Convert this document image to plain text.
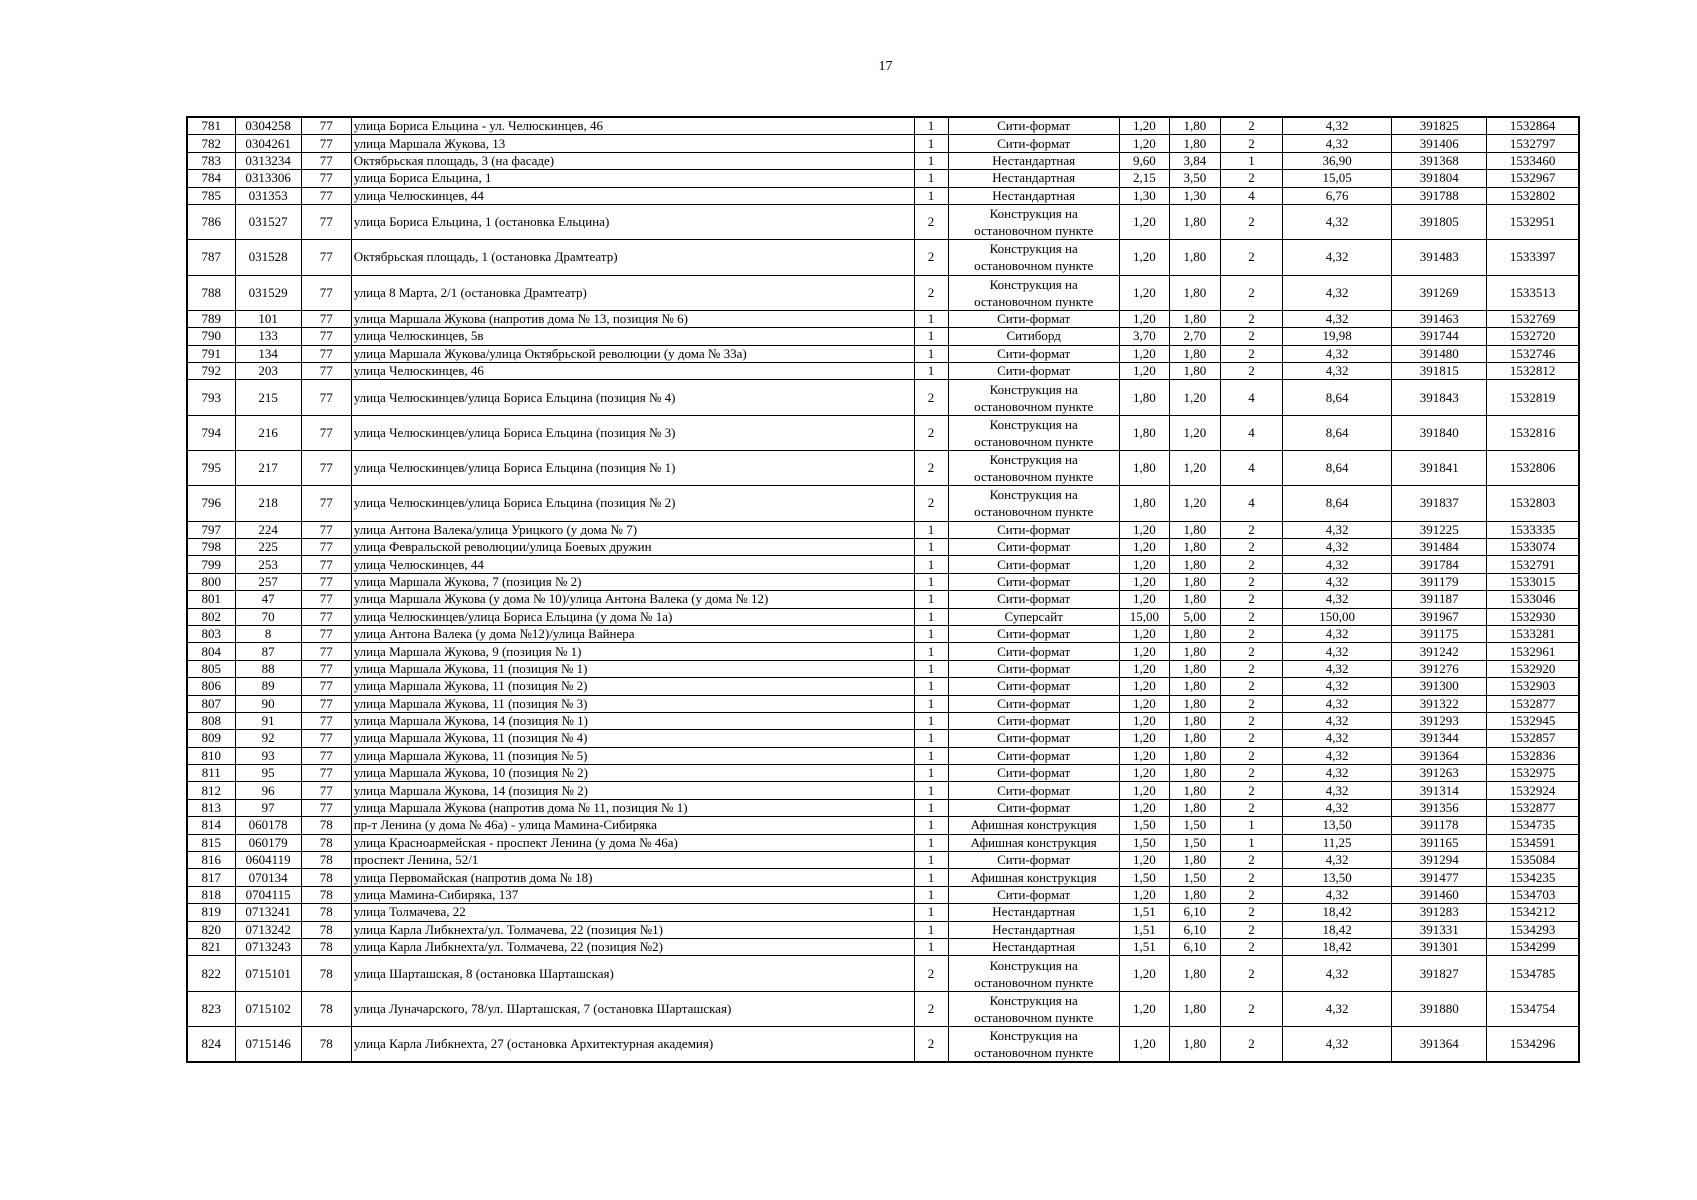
17
781	0304258	77	улица Бориса Ельцина - ул. Челюскинцев, 46	1	Сити-формат	1,20	1,80	2	4,32	391825	1532864
782	0304261	77	улица Маршала Жукова, 13	1	Сити-формат	1,20	1,80	2	4,32	391406	1532797
783	0313234	77	Октябрьская площадь, 3 (на фасаде)	1	Нестандартная	9,60	3,84	1	36,90	391368	1533460
784	0313306	77	улица Бориса Ельцина, 1	1	Нестандартная	2,15	3,50	2	15,05	391804	1532967
785	031353	77	улица Челюскинцев, 44	1	Нестандартная	1,30	1,30	4	6,76	391788	1532802
786	031527	77	улица Бориса Ельцина, 1 (остановка Ельцина)	2	Конструкция на остановочном пункте	1,20	1,80	2	4,32	391805	1532951
787	031528	77	Октябрьская площадь, 1 (остановка Драмтеатр)	2	Конструкция на остановочном пункте	1,20	1,80	2	4,32	391483	1533397
788	031529	77	улица 8 Марта, 2/1 (остановка Драмтеатр)	2	Конструкция на остановочном пункте	1,20	1,80	2	4,32	391269	1533513
789	101	77	улица Маршала Жукова (напротив дома № 13, позиция № 6)	1	Сити-формат	1,20	1,80	2	4,32	391463	1532769
790	133	77	улица Челюскинцев, 5в	1	Ситиборд	3,70	2,70	2	19,98	391744	1532720
791	134	77	улица Маршала Жукова/улица Октябрьской революции (у дома № 33а)	1	Сити-формат	1,20	1,80	2	4,32	391480	1532746
792	203	77	улица Челюскинцев, 46	1	Сити-формат	1,20	1,80	2	4,32	391815	1532812
793	215	77	улица Челюскинцев/улица Бориса Ельцина (позиция № 4)	2	Конструкция на остановочном пункте	1,80	1,20	4	8,64	391843	1532819
794	216	77	улица Челюскинцев/улица Бориса Ельцина (позиция № 3)	2	Конструкция на остановочном пункте	1,80	1,20	4	8,64	391840	1532816
795	217	77	улица Челюскинцев/улица Бориса Ельцина (позиция № 1)	2	Конструкция на остановочном пункте	1,80	1,20	4	8,64	391841	1532806
796	218	77	улица Челюскинцев/улица Бориса Ельцина (позиция № 2)	2	Конструкция на остановочном пункте	1,80	1,20	4	8,64	391837	1532803
797	224	77	улица Антона Валека/улица Урицкого (у дома № 7)	1	Сити-формат	1,20	1,80	2	4,32	391225	1533335
798	225	77	улица Февральской революции/улица Боевых дружин	1	Сити-формат	1,20	1,80	2	4,32	391484	1533074
799	253	77	улица Челюскинцев, 44	1	Сити-формат	1,20	1,80	2	4,32	391784	1532791
800	257	77	улица Маршала Жукова, 7 (позиция № 2)	1	Сити-формат	1,20	1,80	2	4,32	391179	1533015
801	47	77	улица Маршала Жукова (у дома № 10)/улица Антона Валека (у дома № 12)	1	Сити-формат	1,20	1,80	2	4,32	391187	1533046
802	70	77	улица Челюскинцев/улица Бориса Ельцина (у дома № 1а)	1	Суперсайт	15,00	5,00	2	150,00	391967	1532930
803	8	77	улица Антона Валека (у дома №12)/улица Вайнера	1	Сити-формат	1,20	1,80	2	4,32	391175	1533281
804	87	77	улица Маршала Жукова, 9 (позиция № 1)	1	Сити-формат	1,20	1,80	2	4,32	391242	1532961
805	88	77	улица Маршала Жукова, 11 (позиция № 1)	1	Сити-формат	1,20	1,80	2	4,32	391276	1532920
806	89	77	улица Маршала Жукова, 11 (позиция № 2)	1	Сити-формат	1,20	1,80	2	4,32	391300	1532903
807	90	77	улица Маршала Жукова, 11 (позиция № 3)	1	Сити-формат	1,20	1,80	2	4,32	391322	1532877
808	91	77	улица Маршала Жукова, 14 (позиция № 1)	1	Сити-формат	1,20	1,80	2	4,32	391293	1532945
809	92	77	улица Маршала Жукова, 11 (позиция № 4)	1	Сити-формат	1,20	1,80	2	4,32	391344	1532857
810	93	77	улица Маршала Жукова, 11 (позиция № 5)	1	Сити-формат	1,20	1,80	2	4,32	391364	1532836
811	95	77	улица Маршала Жукова, 10 (позиция № 2)	1	Сити-формат	1,20	1,80	2	4,32	391263	1532975
812	96	77	улица Маршала Жукова, 14 (позиция № 2)	1	Сити-формат	1,20	1,80	2	4,32	391314	1532924
813	97	77	улица Маршала Жукова (напротив дома № 11, позиция № 1)	1	Сити-формат	1,20	1,80	2	4,32	391356	1532877
814	060178	78	пр-т Ленина (у дома № 46а) - улица Мамина-Сибиряка	1	Афишная конструкция	1,50	1,50	1	13,50	391178	1534735
815	060179	78	улица Красноармейская - проспект Ленина (у дома № 46а)	1	Афишная конструкция	1,50	1,50	1	11,25	391165	1534591
816	0604119	78	проспект Ленина, 52/1	1	Сити-формат	1,20	1,80	2	4,32	391294	1535084
817	070134	78	улица Первомайская (напротив дома № 18)	1	Афишная конструкция	1,50	1,50	2	13,50	391477	1534235
818	0704115	78	улица Мамина-Сибиряка, 137	1	Сити-формат	1,20	1,80	2	4,32	391460	1534703
819	0713241	78	улица Толмачева, 22	1	Нестандартная	1,51	6,10	2	18,42	391283	1534212
820	0713242	78	улица Карла Либкнехта/ул. Толмачева, 22 (позиция №1)	1	Нестандартная	1,51	6,10	2	18,42	391331	1534293
821	0713243	78	улица Карла Либкнехта/ул. Толмачева, 22 (позиция №2)	1	Нестандартная	1,51	6,10	2	18,42	391301	1534299
822	0715101	78	улица Шарташская, 8 (остановка Шарташская)	2	Конструкция на остановочном пункте	1,20	1,80	2	4,32	391827	1534785
823	0715102	78	улица Луначарского, 78/ул. Шарташская, 7 (остановка Шарташская)	2	Конструкция на остановочном пункте	1,20	1,80	2	4,32	391880	1534754
824	0715146	78	улица Карла Либкнехта, 27 (остановка Архитектурная академия)	2	Конструкция на остановочном пункте	1,20	1,80	2	4,32	391364	1534296
